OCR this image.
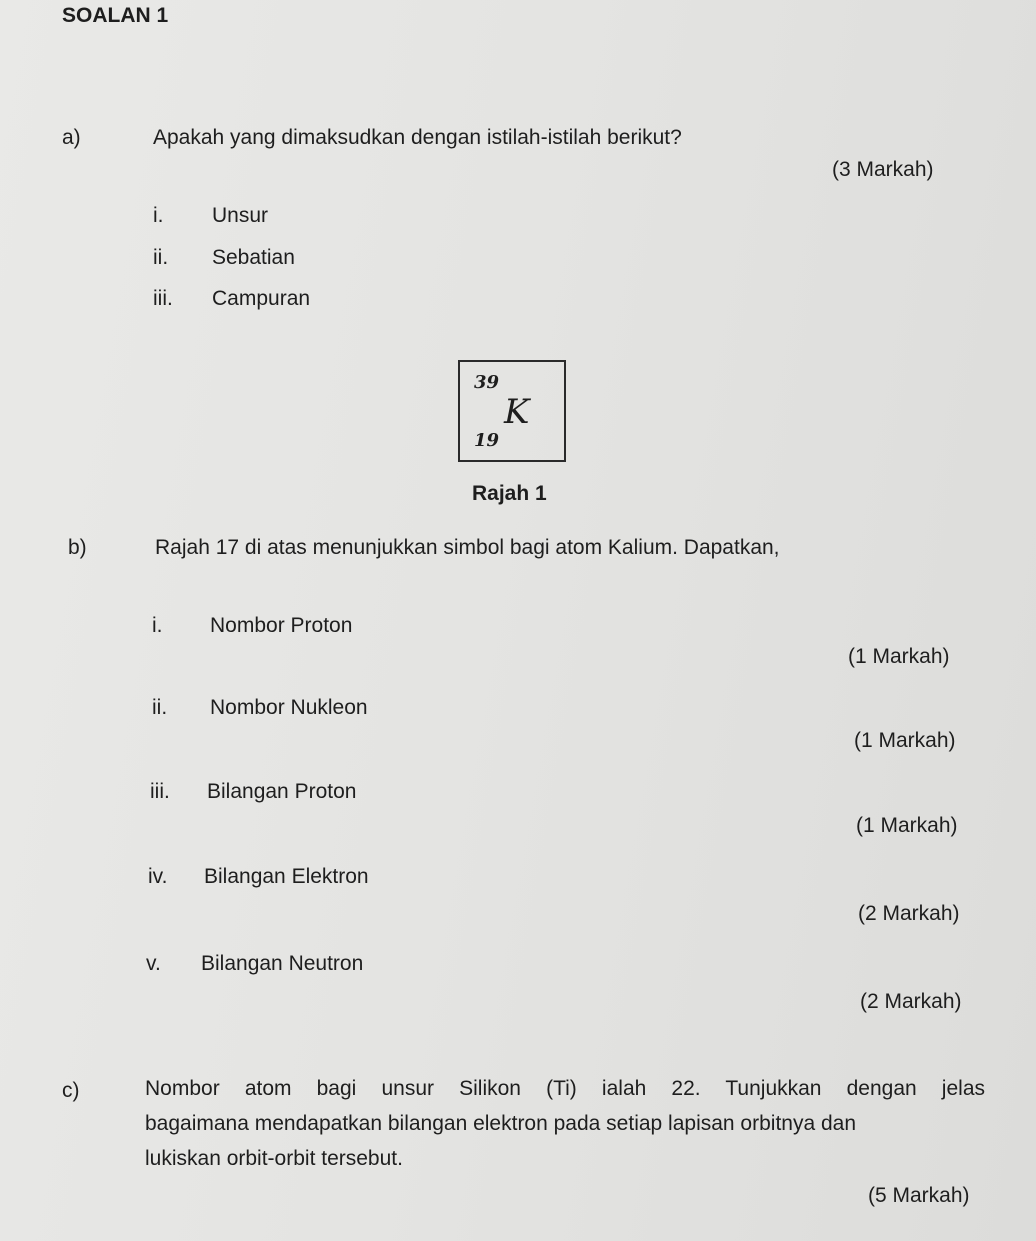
SOALAN 1
a)	Apakah yang dimaksudkan dengan istilah-istilah berikut?
(3 Markah)
i. Unsur
ii. Sebatian
iii. Campuran
39
K
19
Rajah 1
b)	Rajah 17 di atas menunjukkan simbol bagi atom Kalium. Dapatkan,
i. Nombor Proton
(1 Markah)
ii. Nombor Nukleon
(1 Markah)
iii. Bilangan Proton
(1 Markah)
iv. Bilangan Elektron
(2 Markah)
v. Bilangan Neutron
(2 Markah)
c)	Nombor atom bagi unsur Silikon (Ti) ialah 22. Tunjukkan dengan jelas
bagaimana mendapatkan bilangan elektron pada setiap lapisan orbitnya dan
lukiskan orbit-orbit tersebut.
(5 Markah)
